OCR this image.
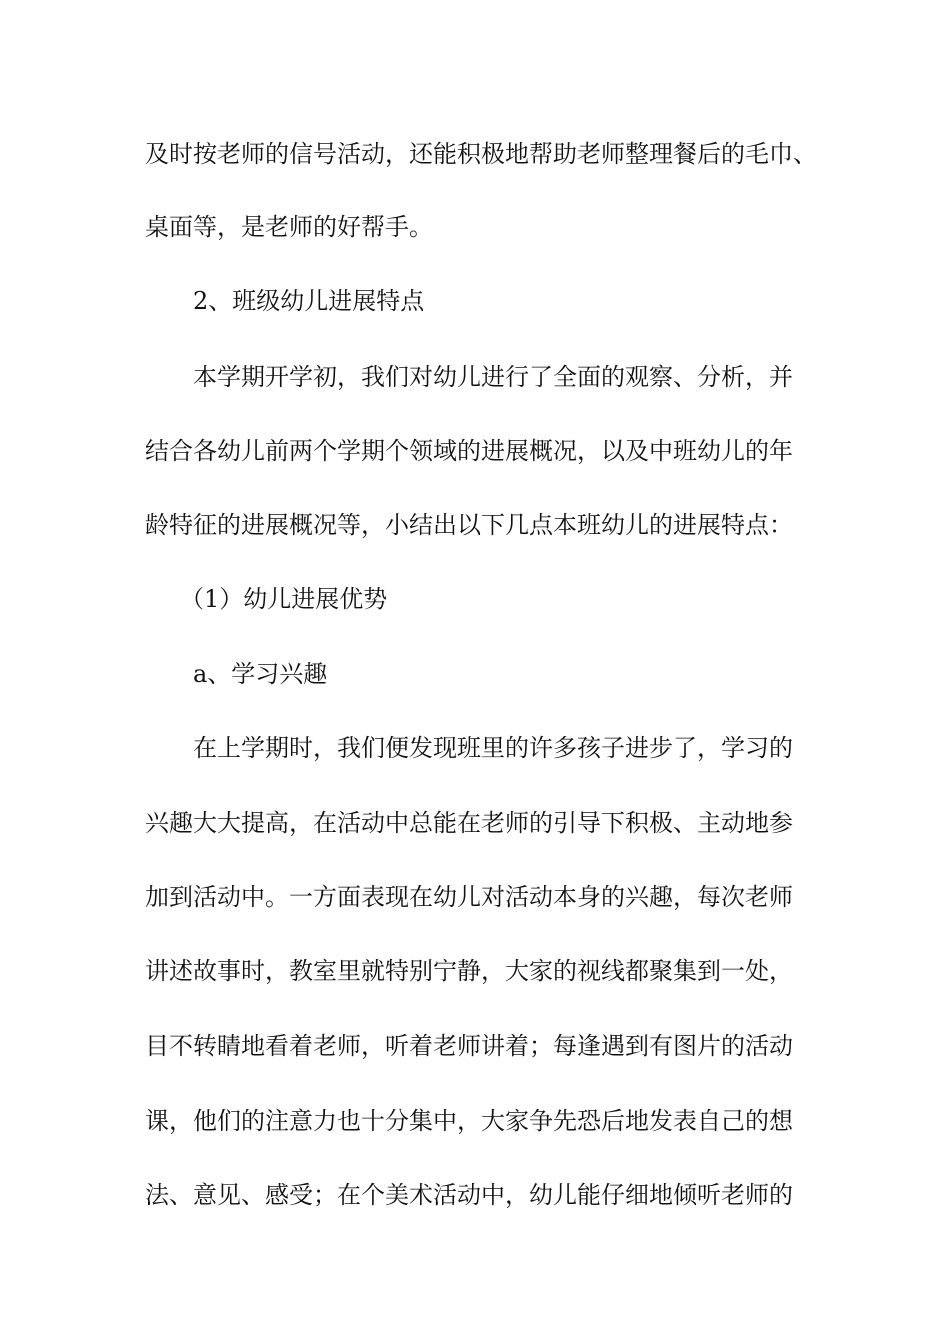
及时按老师的信号活动，还能积极地帮助老师整理餐后的毛巾、

桌面等，是老师的好帮手。

2、班级幼儿进展特点

本学期开学初，我们对幼儿进行了全面的观察、分析，并

结合各幼儿前两个学期个领域的进展概况，以及中班幼儿的年

龄特征的进展概况等，小结出以下几点本班幼儿的进展特点：

（1）幼儿进展优势

a、学习兴趣

在上学期时，我们便发现班里的许多孩子进步了，学习的

兴趣大大提高，在活动中总能在老师的引导下积极、主动地参

加到活动中。一方面表现在幼儿对活动本身的兴趣，每次老师

讲述故事时，教室里就特别宁静，大家的视线都聚集到一处，

目不转睛地看着老师，听着老师讲着；每逢遇到有图片的活动

课，他们的注意力也十分集中，大家争先恐后地发表自己的想

法、意见、感受；在个美术活动中，幼儿能仔细地倾听老师的
